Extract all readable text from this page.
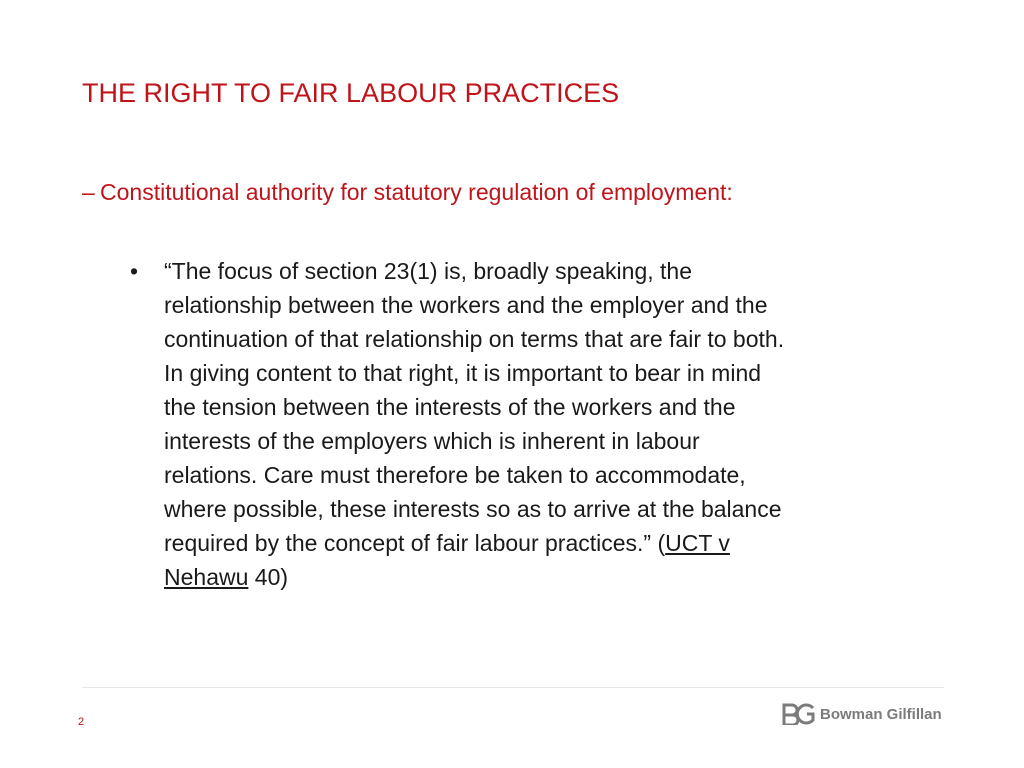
THE RIGHT TO FAIR LABOUR PRACTICES
– Constitutional authority for statutory regulation of employment:
•	“The focus of section 23(1) is, broadly speaking, the
relationship between the workers and the employer and the
continuation of that relationship on terms that are fair to both.
In giving content to that right, it is important to bear in mind
the tension between the interests of the workers and the
interests of the employers which is inherent in labour
relations. Care must therefore be taken to accommodate,
where possible, these interests so as to arrive at the balance
required by the concept of fair labour practices.” (UCT v
Nehawu 40)
2	Bowman Gilfillan
